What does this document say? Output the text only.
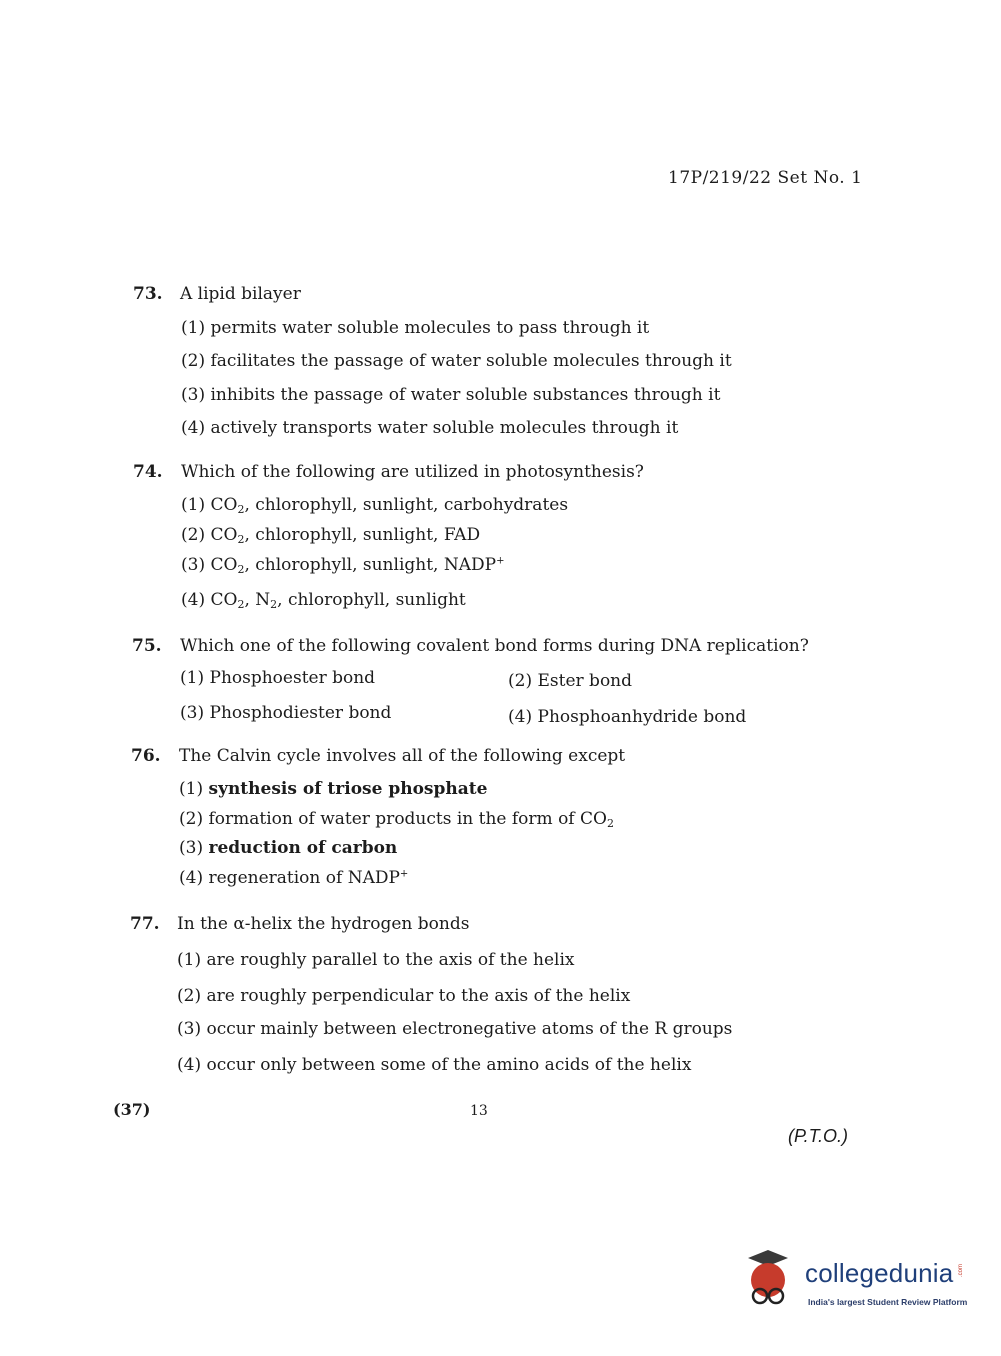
17P/219/22 Set No. 1
73. A lipid bilayer
(1) permits water soluble molecules to pass through it
(2) facilitates the passage of water soluble molecules through it
(3) inhibits the passage of water soluble substances through it
(4) actively transports water soluble molecules through it
74. Which of the following are utilized in photosynthesis?
(1) $CO_2$, chlorophyll, sunlight, carbohydrates
(2) $CO_2$, chlorophyll, sunlight, FAD
(3) $CO_2$, chlorophyll, sunlight, NADP+
(4) $CO_2$, $N_2$, chlorophyll, sunlight
75. Which one of the following covalent bond forms during DNA replication?
(1) Phosphoester bond	(2) Ester bond
(3) Phosphodiester bond	(4) Phosphoanhydride bond
76. The Calvin cycle involves all of the following except
(1) synthesis of triose phosphate
(2) formation of water products in the form of $CO_2$
(3) reduction of carbon
(4) regeneration of NADP+
77. In the α-helix the hydrogen bonds
(1) are roughly parallel to the axis of the helix
(2) are roughly perpendicular to the axis of the helix
(3) occur mainly between electronegative atoms of the R groups
(4) occur only between some of the amino acids of the helix
(37)	13
(P.T.O.)
collegedunia .com
India's largest Student Review Platform
